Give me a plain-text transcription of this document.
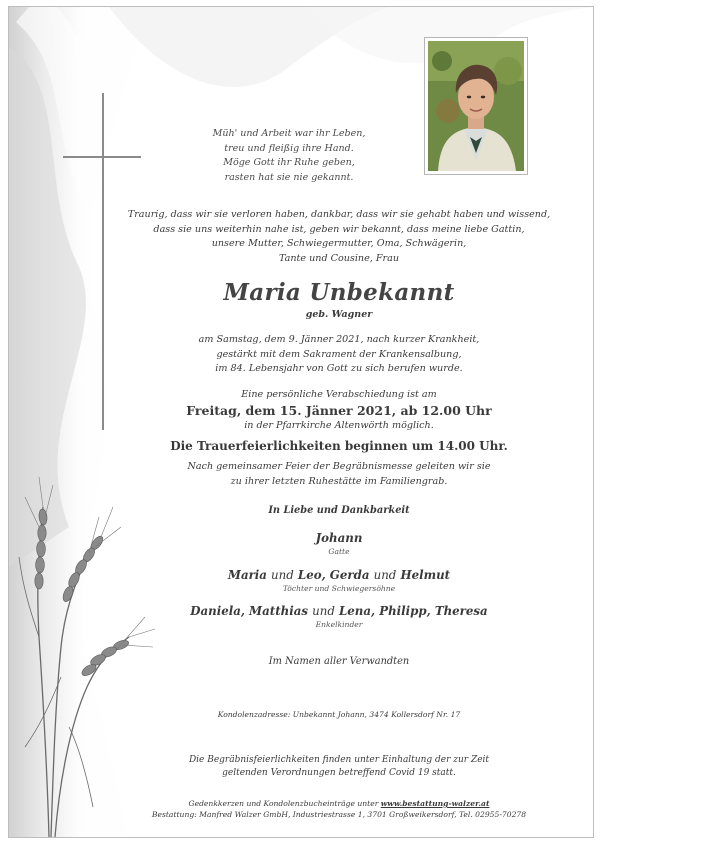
Müh' und Arbeit war ihr Leben,
treu und fleißig ihre Hand.
Möge Gott ihr Ruhe geben,
rasten hat sie nie gekannt.
Traurig, dass wir sie verloren haben, dankbar, dass wir sie gehabt haben und wissend,
dass sie uns weiterhin nahe ist, geben wir bekannt, dass meine liebe Gattin,
unsere Mutter, Schwiegermutter, Oma, Schwägerin,
Tante und Cousine, Frau
Maria Unbekannt
geb. Wagner
am Samstag, dem 9. Jänner 2021, nach kurzer Krankheit,
gestärkt mit dem Sakrament der Krankensalbung,
im 84. Lebensjahr von Gott zu sich berufen wurde.
Eine persönliche Verabschiedung ist am
Freitag, dem 15. Jänner 2021, ab 12.00 Uhr
in der Pfarrkirche Altenwörth möglich.
Die Trauerfeierlichkeiten beginnen um 14.00 Uhr.
Nach gemeinsamer Feier der Begräbnismesse geleiten wir sie
zu ihrer letzten Ruhestätte im Familiengrab.
In Liebe und Dankbarkeit
Johann
Gatte
Maria und Leo, Gerda und Helmut
Töchter und Schwiegersöhne
Daniela, Matthias und Lena, Philipp, Theresa
Enkelkinder
Im Namen aller Verwandten
Kondolenzadresse: Unbekannt Johann, 3474 Kollersdorf Nr. 17
Die Begräbnisfeierlichkeiten finden unter Einhaltung der zur Zeit
geltenden Verordnungen betreffend Covid 19 statt.
Gedenkkerzen und Kondolenzbucheinträge unter www.bestattung-walzer.at
Bestattung: Manfred Walzer GmbH, Industriestrasse 1, 3701 Großweikersdorf, Tel. 02955-70278
